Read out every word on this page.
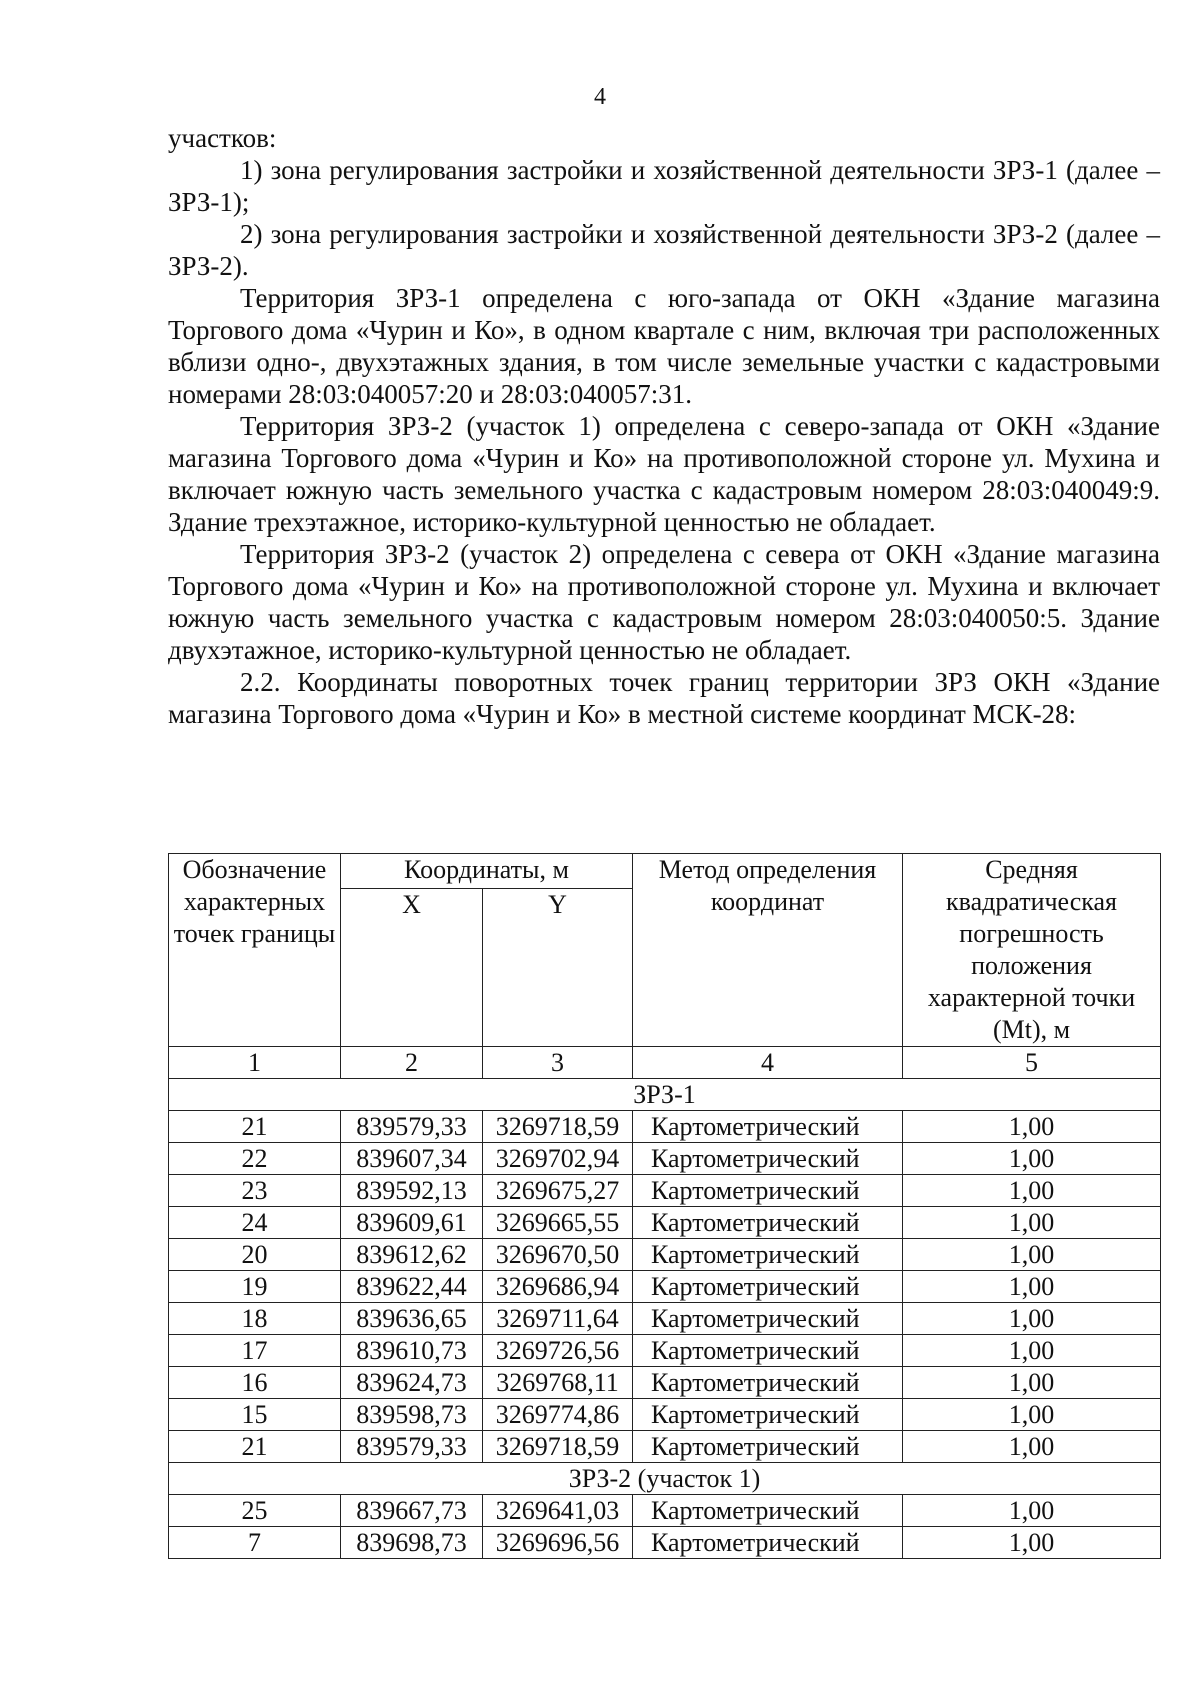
4

участков:

1) зона регулирования застройки и хозяйственной деятельности ЗРЗ-1 (далее – ЗРЗ-1);

2) зона регулирования застройки и хозяйственной деятельности ЗРЗ-2 (далее – ЗРЗ-2).

Территория ЗРЗ-1 определена с юго-запада от ОКН «Здание магазина Торгового дома «Чурин и Ко», в одном квартале с ним, включая три расположенных вблизи одно-, двухэтажных здания, в том числе земельные участки с кадастровыми номерами 28:03:040057:20 и 28:03:040057:31.

Территория ЗРЗ-2 (участок 1) определена с северо-запада от ОКН «Здание магазина Торгового дома «Чурин и Ко» на противоположной стороне ул. Мухина и включает южную часть земельного участка с кадастровым номером 28:03:040049:9. Здание трехэтажное, историко-культурной ценностью не обладает.

Территория ЗРЗ-2 (участок 2) определена с севера от ОКН «Здание магазина Торгового дома «Чурин и Ко» на противоположной стороне ул. Мухина и включает южную часть земельного участка с кадастровым номером 28:03:040050:5. Здание двухэтажное, историко-культурной ценностью не обладает.

2.2. Координаты поворотных точек границ территории ЗРЗ ОКН «Здание магазина Торгового дома «Чурин и Ко» в местной системе координат МСК-28:

Обозначение характерных точек границы	Координаты, м		Метод определения координат	Средняя квадратическая погрешность положения характерной точки (Mt), м
	X	Y		
1	2	3	4	5
ЗРЗ-1				
21	839579,33	3269718,59	Картометрический	1,00
22	839607,34	3269702,94	Картометрический	1,00
23	839592,13	3269675,27	Картометрический	1,00
24	839609,61	3269665,55	Картометрический	1,00
20	839612,62	3269670,50	Картометрический	1,00
19	839622,44	3269686,94	Картометрический	1,00
18	839636,65	3269711,64	Картометрический	1,00
17	839610,73	3269726,56	Картометрический	1,00
16	839624,73	3269768,11	Картометрический	1,00
15	839598,73	3269774,86	Картометрический	1,00
21	839579,33	3269718,59	Картометрический	1,00
ЗРЗ-2 (участок 1)				
25	839667,73	3269641,03	Картометрический	1,00
7	839698,73	3269696,56	Картометрический	1,00
